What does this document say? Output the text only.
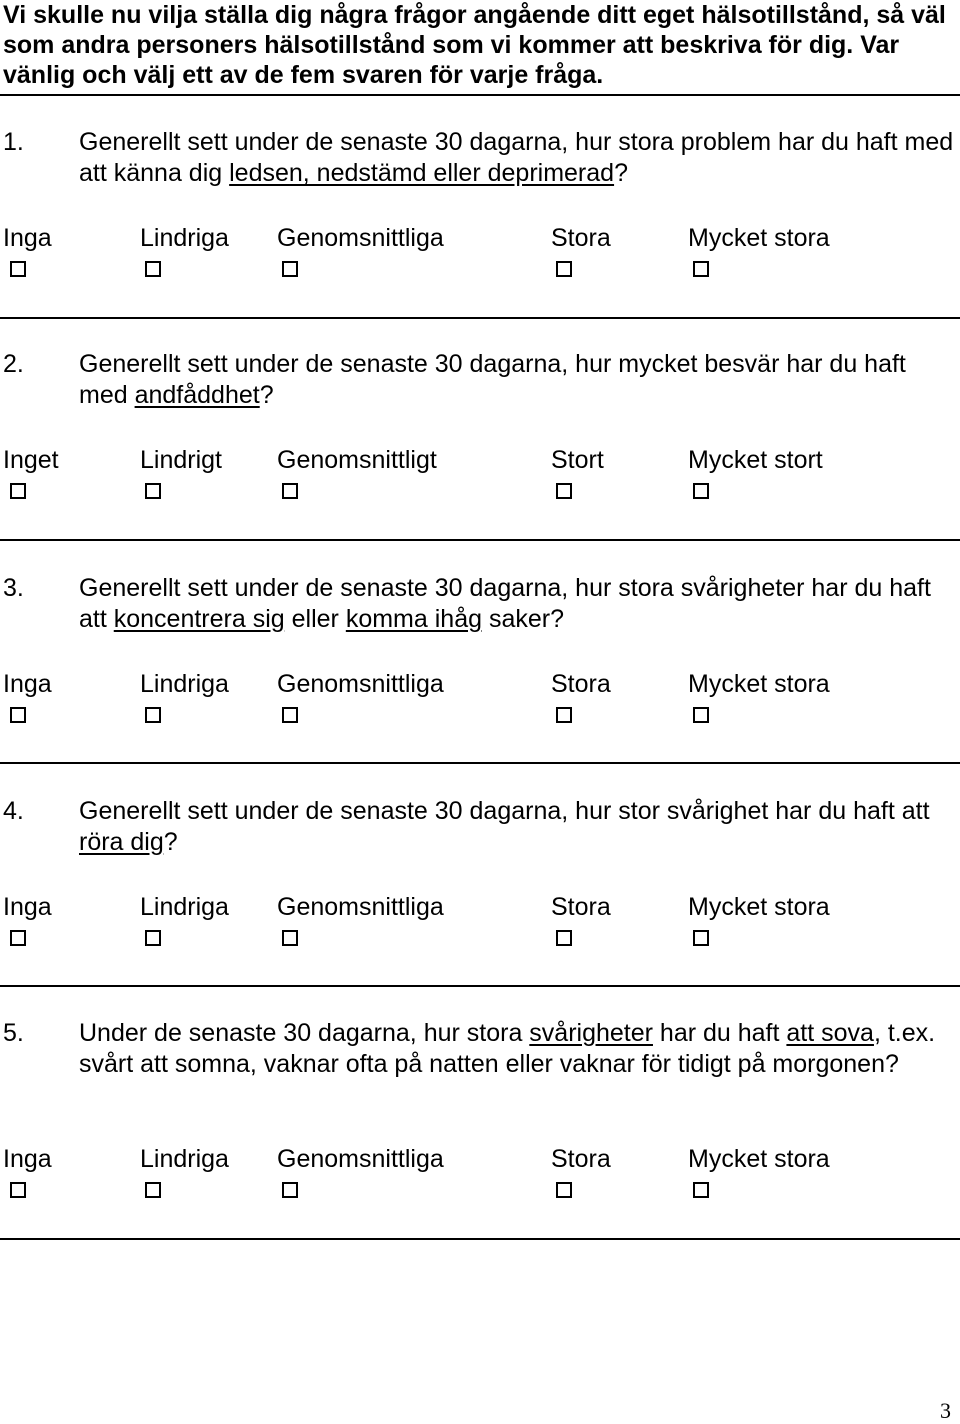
Vi skulle nu vilja ställa dig några frågor angående ditt eget hälsotillstånd, så väl som andra personers hälsotillstånd som vi kommer att beskriva för dig. Var vänlig och välj ett av de fem svaren för varje fråga.
1. Generellt sett under de senaste 30 dagarna, hur stora problem har du haft med att känna dig ledsen, nedstämd eller deprimerad?
Inga	Lindriga Genomsnittliga	Stora	Mycket stora
2. Generellt sett under de senaste 30 dagarna, hur mycket besvär har du haft med andfåddhet?
Inget	Lindrigt Genomsnittligt	Stort	Mycket stort
3. Generellt sett under de senaste 30 dagarna, hur stora svårigheter har du haft att koncentrera sig eller komma ihåg saker?
Inga	Lindriga Genomsnittliga	Stora	Mycket stora
4. Generellt sett under de senaste 30 dagarna, hur stor svårighet har du haft att röra dig?
Inga	Lindriga Genomsnittliga	Stora	Mycket stora
5. Under de senaste 30 dagarna, hur stora svårigheter har du haft att sova, t.ex. svårt att somna, vaknar ofta på natten eller vaknar för tidigt på morgonen?
Inga	Lindriga Genomsnittliga	Stora	Mycket stora
3
